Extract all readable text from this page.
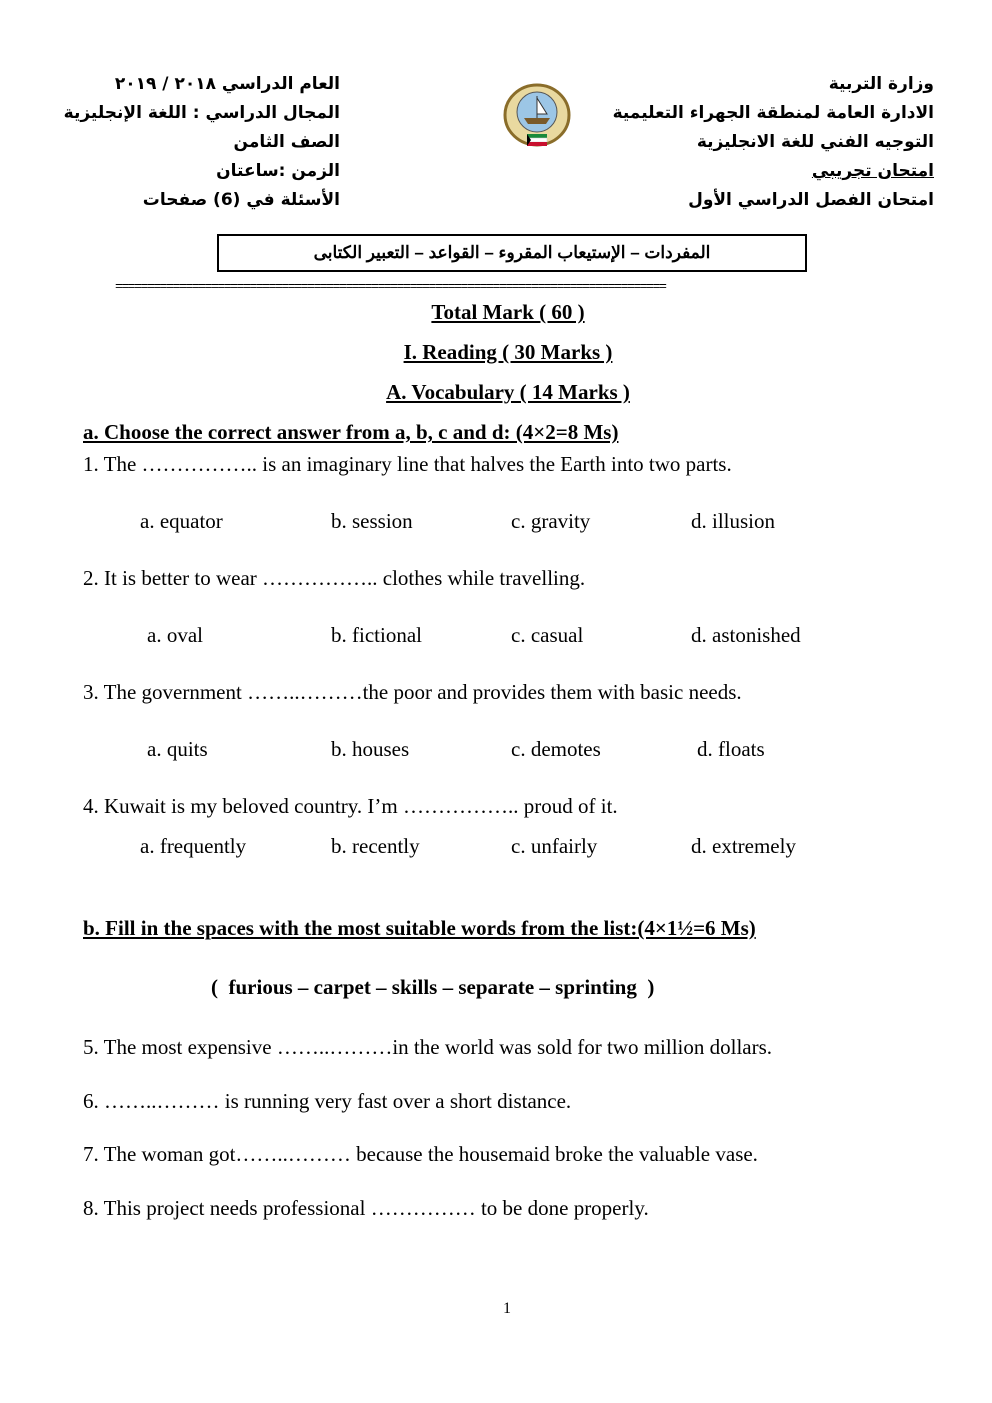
العام الدراسي ٢٠١٨ / ٢٠١٩
المجال الدراسي : اللغة الإنجليزية
الصف الثامن
الزمن :ساعتان
الأسئلة في (6) صفحات
وزارة التربية
الادارة العامة لمنطقة الجهراء التعليمية
التوجيه الفني للغة الانجليزية
امتحان تجريبي
امتحان الفصل الدراسي الأول
المفردات – الإستيعاب المقروء – القواعد – التعبير الكتابى
======================================================================================
Total Mark ( 60 )
I. Reading ( 30 Marks )
A. Vocabulary ( 14 Marks )
a. Choose the correct answer from a, b, c and d: (4×2=8 Ms)
1. The …………….. is an imaginary line that halves the Earth into two parts.
a. equator	b. session	c. gravity	d. illusion
2. It is better to wear …………….. clothes while travelling.
a. oval	b. fictional	c. casual	d. astonished
3. The government ……..………the poor and provides them with basic needs.
a. quits	b. houses	c. demotes	d. floats
4. Kuwait is my beloved country. I’m …………….. proud of it.
a. frequently	b. recently	c. unfairly	d. extremely
b. Fill in the spaces with the most suitable words from the list:(4×1½=6 Ms)
(  furious – carpet – skills – separate – sprinting  )
5. The most expensive ……..………in the world was sold for two million dollars.
6. ……..……… is running very fast over a short distance.
7. The woman got……..……… because the housemaid broke the valuable vase.
8. This project needs professional …………… to be done properly.
1
